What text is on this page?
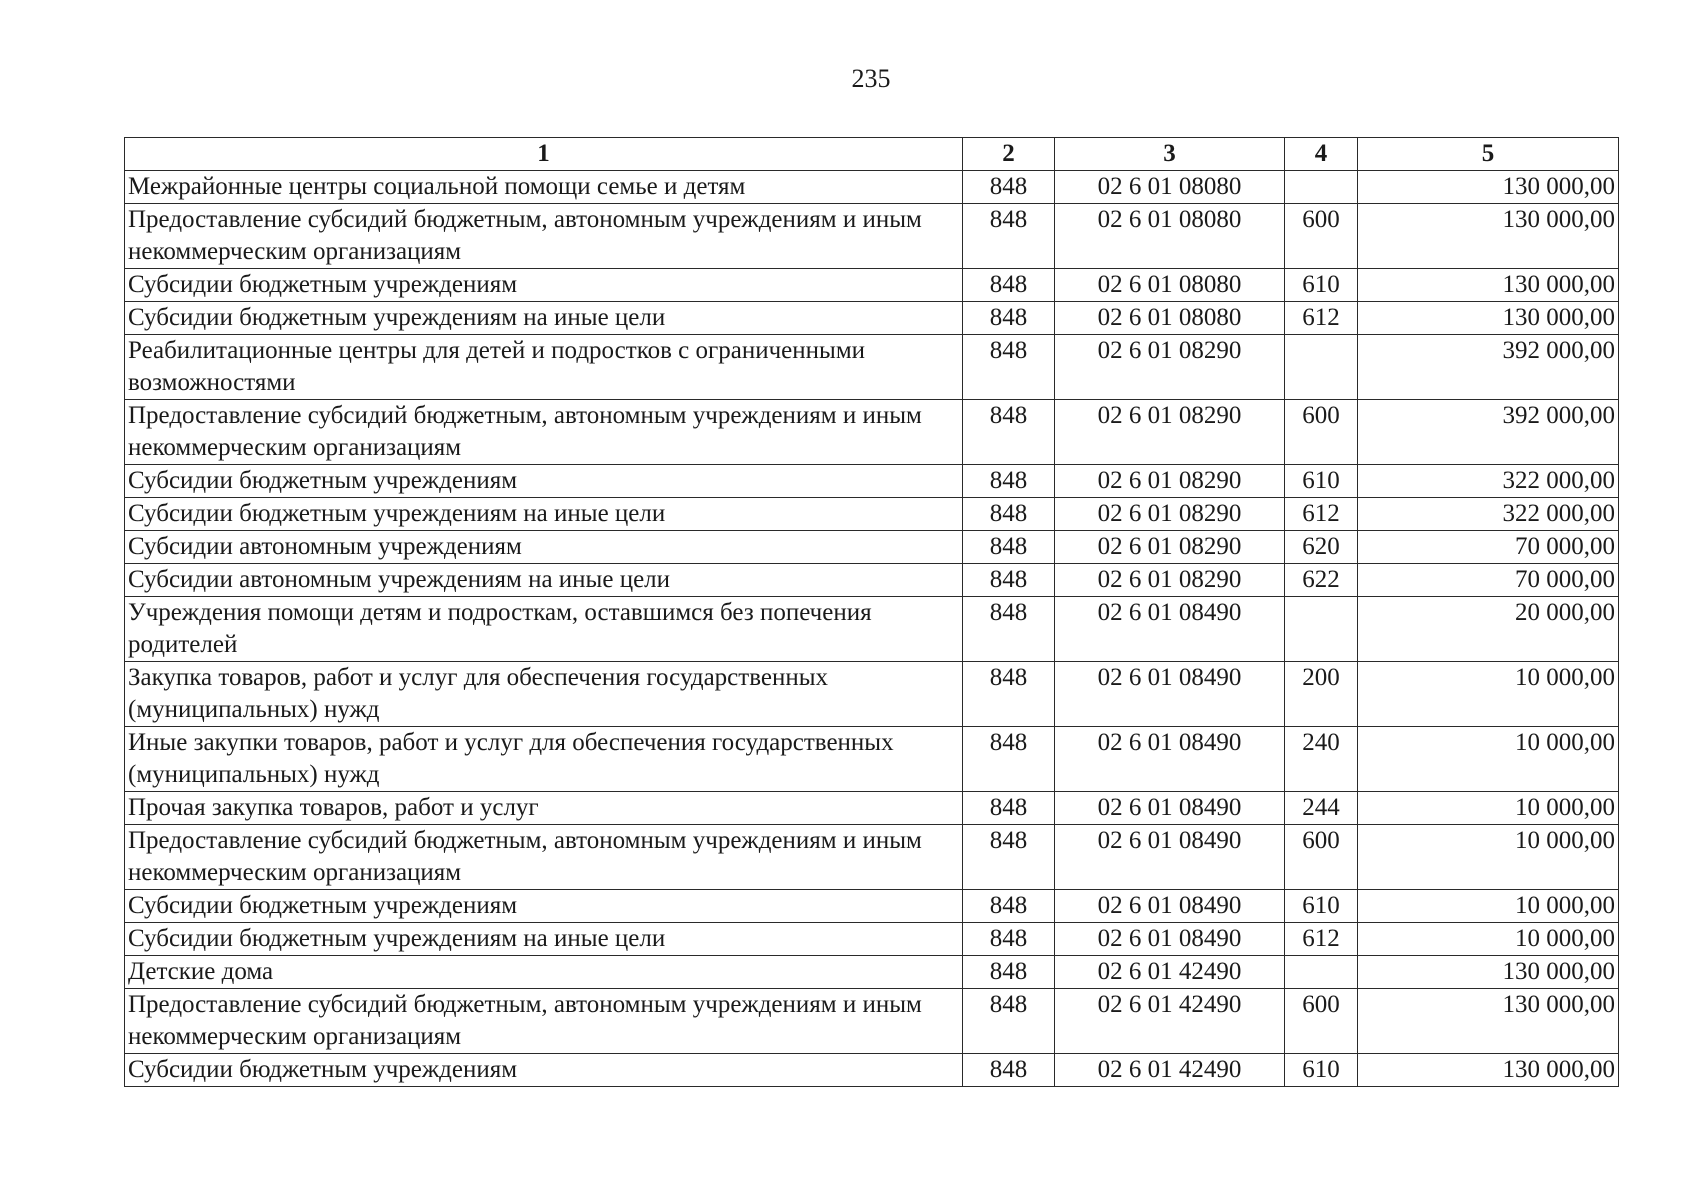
235
1	2	3	4	5
Межрайонные центры социальной помощи семье и детям	848	02 6 01 08080		130 000,00
Предоставление субсидий бюджетным, автономным учреждениям и иным некоммерческим организациям	848	02 6 01 08080	600	130 000,00
Субсидии бюджетным учреждениям	848	02 6 01 08080	610	130 000,00
Субсидии бюджетным учреждениям на иные цели	848	02 6 01 08080	612	130 000,00
Реабилитационные центры для детей и подростков с ограниченными возможностями	848	02 6 01 08290		392 000,00
Предоставление субсидий бюджетным, автономным учреждениям и иным некоммерческим организациям	848	02 6 01 08290	600	392 000,00
Субсидии бюджетным учреждениям	848	02 6 01 08290	610	322 000,00
Субсидии бюджетным учреждениям на иные цели	848	02 6 01 08290	612	322 000,00
Субсидии автономным учреждениям	848	02 6 01 08290	620	70 000,00
Субсидии автономным учреждениям на иные цели	848	02 6 01 08290	622	70 000,00
Учреждения помощи детям и подросткам, оставшимся без попечения родителей	848	02 6 01 08490		20 000,00
Закупка товаров, работ и услуг для обеспечения государственных (муниципальных) нужд	848	02 6 01 08490	200	10 000,00
Иные закупки товаров, работ и услуг для обеспечения государственных (муниципальных) нужд	848	02 6 01 08490	240	10 000,00
Прочая закупка товаров, работ и услуг	848	02 6 01 08490	244	10 000,00
Предоставление субсидий бюджетным, автономным учреждениям и иным некоммерческим организациям	848	02 6 01 08490	600	10 000,00
Субсидии бюджетным учреждениям	848	02 6 01 08490	610	10 000,00
Субсидии бюджетным учреждениям на иные цели	848	02 6 01 08490	612	10 000,00
Детские дома	848	02 6 01 42490		130 000,00
Предоставление субсидий бюджетным, автономным учреждениям и иным некоммерческим организациям	848	02 6 01 42490	600	130 000,00
Субсидии бюджетным учреждениям	848	02 6 01 42490	610	130 000,00
